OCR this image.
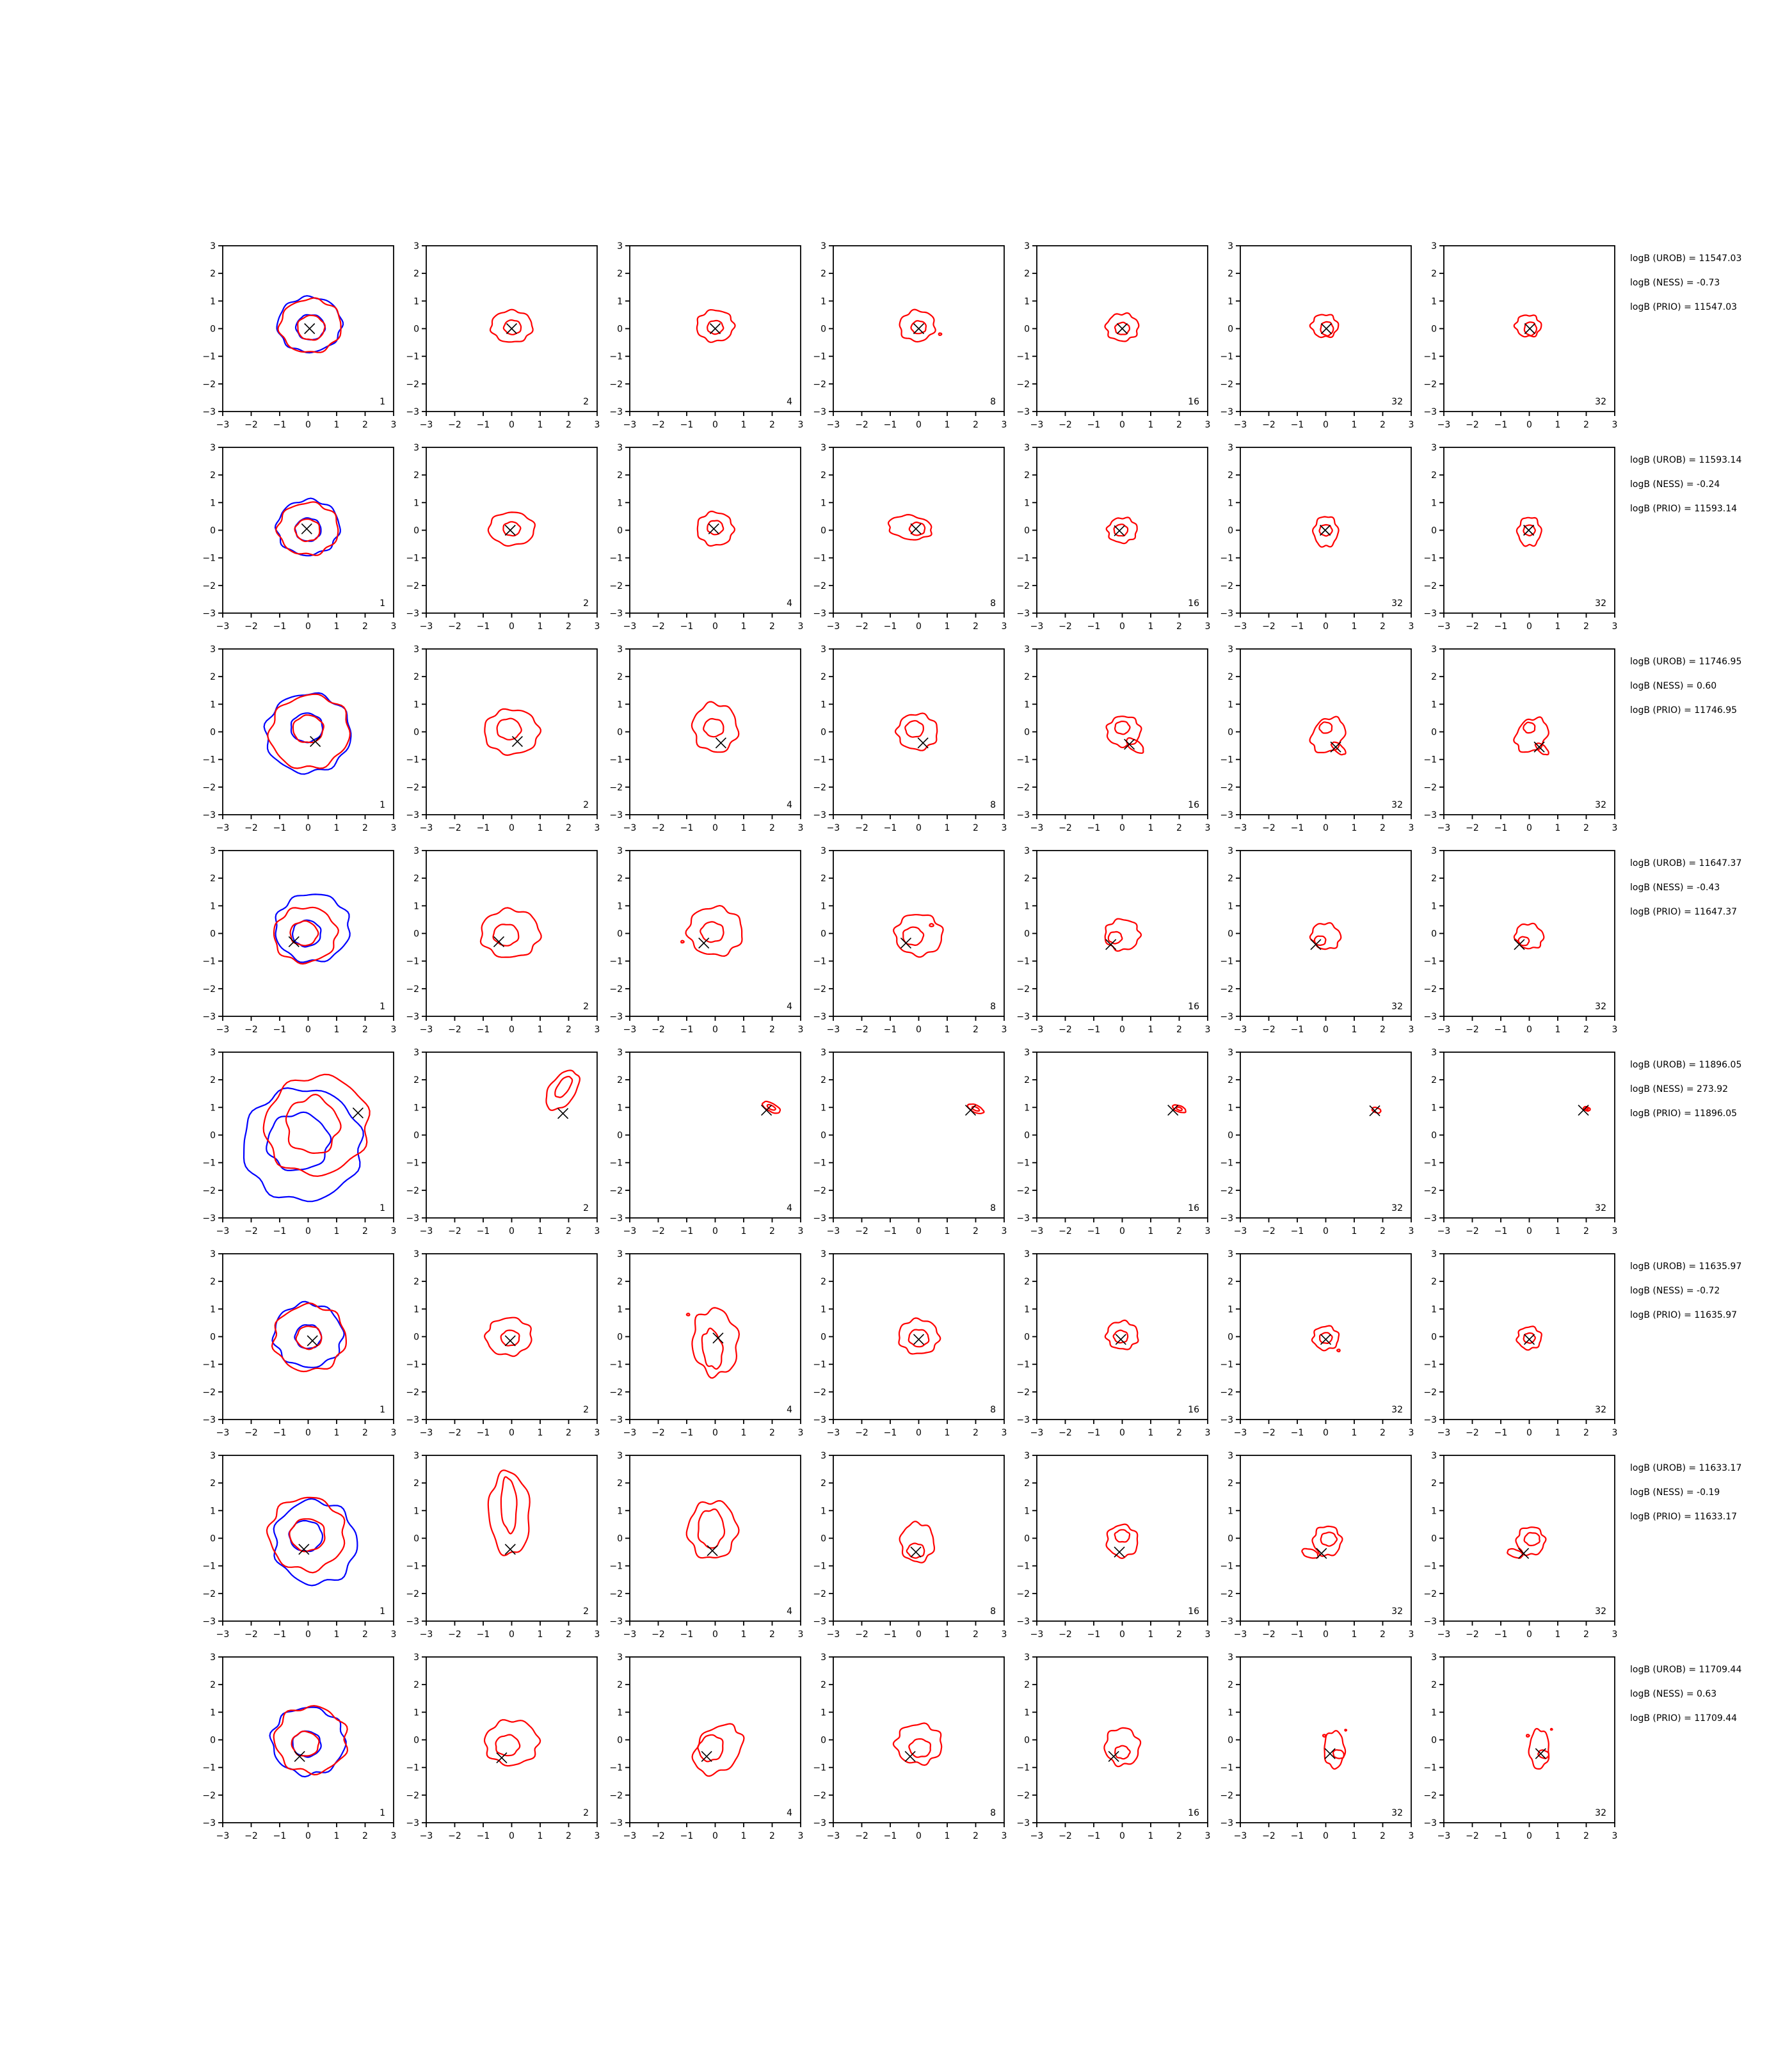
−3 −2 −1 0	1	2	3
3
2
1
0
−1
−2
−3
1
−3 −2 −1 0	1	2	3
3
2
1
0
−1
−2
−3
2
−3 −2 −1 0	1	2	3
3
2
1
0
−1
−2
−3
4
−3 −2 −1 0	1	2	3
3
2
1
0
−1
−2
−3
8
−3 −2 −1 0	1	2	3
3
2
1
0
−1
−2
−3
16
−3 −2 −1 0	1	2	3
3
2
1
0
−1
−2
−3
32
−3 −2 −1 0	1	2	3
3
2
1
0
−1
−2
−3
32
−3 −2 −1 0	1	2	3
3
2
1
0
−1
−2
−3
1
−3 −2 −1 0	1	2	3
3
2
1
0
−1
−2
−3
2
−3 −2 −1 0	1	2	3
3
2
1
0
−1
−2
−3
4
−3 −2 −1 0	1	2	3
3
2
1
0
−1
−2
−3
8
−3 −2 −1 0	1	2	3
3
2
1
0
−1
−2
−3
16
−3 −2 −1 0	1	2	3
3
2
1
0
−1
−2
−3
32
−3 −2 −1 0	1	2	3
3
2
1
0
−1
−2
−3
32
−3 −2 −1 0	1	2	3
3
2
1
0
−1
−2
−3
1
−3 −2 −1 0	1	2	3
3
2
1
0
−1
−2
−3
2
−3 −2 −1 0	1	2	3
3
2
1
0
−1
−2
−3
4
−3 −2 −1 0	1	2	3
3
2
1
0
−1
−2
−3
8
−3 −2 −1 0	1	2	3
3
2
1
0
−1
−2
−3
16
−3 −2 −1 0	1	2	3
3
2
1
0
−1
−2
−3
32
−3 −2 −1 0	1	2	3
3
2
1
0
−1
−2
−3
32
−3 −2 −1 0	1	2	3
3
2
1
0
−1
−2
−3
1
−3 −2 −1 0	1	2	3
3
2
1
0
−1
−2
−3
2
−3 −2 −1 0	1	2	3
3
2
1
0
−1
−2
−3
4
−3 −2 −1 0	1	2	3
3
2
1
0
−1
−2
−3
8
−3 −2 −1 0	1	2	3
3
2
1
0
−1
−2
−3
16
−3 −2 −1 0	1	2	3
3
2
1
0
−1
−2
−3
32
−3 −2 −1 0	1	2	3
3
2
1
0
−1
−2
−3
32
−3 −2 −1 0	1	2	3
3
2
1
0
−1
−2
−3
1
−3 −2 −1 0	1	2	3
3
2
1
0
−1
−2
−3
2
−3 −2 −1 0	1	2	3
3
2
1
0
−1
−2
−3
4
−3 −2 −1 0	1	2	3
3
2
1
0
−1
−2
−3
8
−3 −2 −1 0	1	2	3
3
2
1
0
−1
−2
−3
16
−3 −2 −1 0	1	2	3
3
2
1
0
−1
−2
−3
32
−3 −2 −1 0	1	2	3
3
2
1
0
−1
−2
−3
32
−3 −2 −1 0	1	2	3
3
2
1
0
−1
−2
−3
1
−3 −2 −1 0	1	2	3
3
2
1
0
−1
−2
−3
2
−3 −2 −1 0	1	2	3
3
2
1
0
−1
−2
−3
4
−3 −2 −1 0	1	2	3
3
2
1
0
−1
−2
−3
8
−3 −2 −1 0	1	2	3
3
2
1
0
−1
−2
−3
16
−3 −2 −1 0	1	2	3
3
2
1
0
−1
−2
−3
32
−3 −2 −1 0	1	2	3
3
2
1
0
−1
−2
−3
32
−3 −2 −1 0	1	2	3
3
2
1
0
−1
−2
−3
1
−3 −2 −1 0	1	2	3
3
2
1
0
−1
−2
−3
2
−3 −2 −1 0	1	2	3
3
2
1
0
−1
−2
−3
4
−3 −2 −1 0	1	2	3
3
2
1
0
−1
−2
−3
8
−3 −2 −1 0	1	2	3
3
2
1
0
−1
−2
−3
16
−3 −2 −1 0	1	2	3
3
2
1
0
−1
−2
−3
32
−3 −2 −1 0	1	2	3
3
2
1
0
−1
−2
−3
32
−3 −2 −1 0	1	2	3
3
2
1
0
−1
−2
−3
1
−3 −2 −1 0	1	2	3
3
2
1
0
−1
−2
−3
2
−3 −2 −1 0	1	2	3
3
2
1
0
−1
−2
−3
4
−3 −2 −1 0	1	2	3
3
2
1
0
−1
−2
−3
8
−3 −2 −1 0	1	2	3
3
2
1
0
−1
−2
−3
16
−3 −2 −1 0	1	2	3
3
2
1
0
−1
−2
−3
32
−3 −2 −1 0	1	2	3
3
2
1
0
−1
−2
−3
32
logB (UROB) = 11547.03
logB (NESS) = -0.73
logB (PRIO) = 11547.03
logB (UROB) = 11593.14
logB (NESS) = -0.24
logB (PRIO) = 11593.14
logB (UROB) = 11746.95
logB (NESS) = 0.60
logB (PRIO) = 11746.95
logB (UROB) = 11647.37
logB (NESS) = -0.43
logB (PRIO) = 11647.37
logB (UROB) = 11896.05
logB (NESS) = 273.92
logB (PRIO) = 11896.05
logB (UROB) = 11635.97
logB (NESS) = -0.72
logB (PRIO) = 11635.97
logB (UROB) = 11633.17
logB (NESS) = -0.19
logB (PRIO) = 11633.17
logB (UROB) = 11709.44
logB (NESS) = 0.63
logB (PRIO) = 11709.44
